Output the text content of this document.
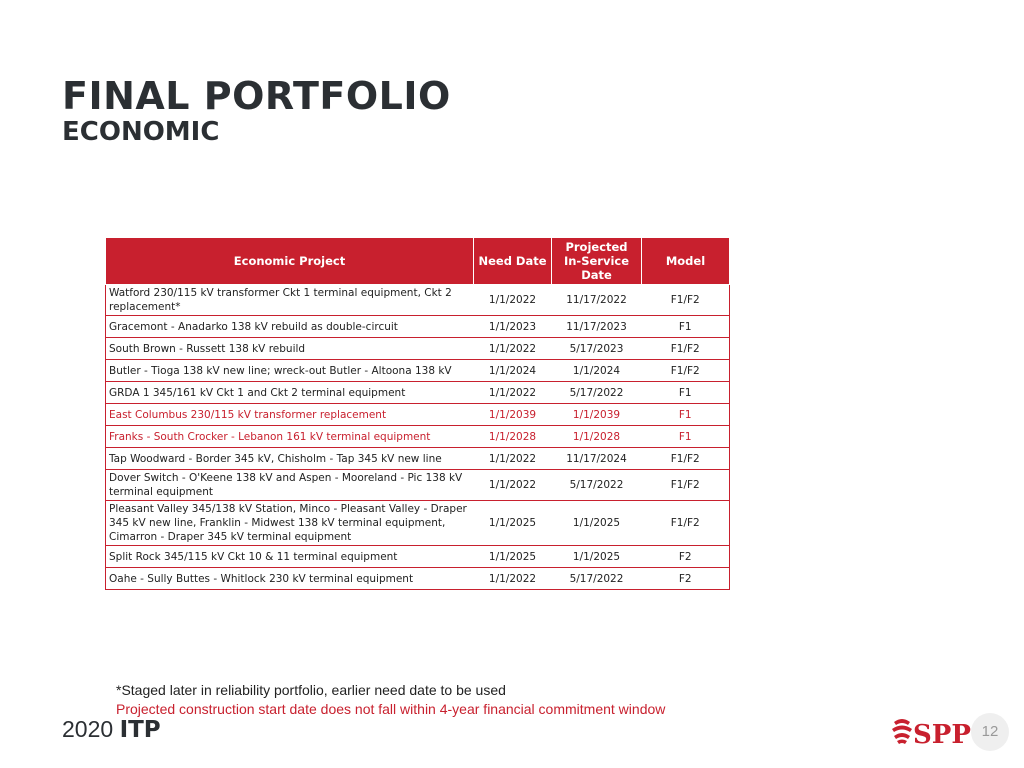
FINAL PORTFOLIO
ECONOMIC
Economic Project	Need Date	Projected In-Service Date	Model
Watford 230/115 kV transformer Ckt 1 terminal equipment, Ckt 2 replacement*	1/1/2022	11/17/2022	F1/F2
Gracemont - Anadarko 138 kV rebuild as double-circuit	1/1/2023	11/17/2023	F1
South Brown - Russett 138 kV rebuild	1/1/2022	5/17/2023	F1/F2
Butler - Tioga 138 kV new line; wreck-out Butler - Altoona 138 kV	1/1/2024	1/1/2024	F1/F2
GRDA 1 345/161 kV Ckt 1 and Ckt 2 terminal equipment	1/1/2022	5/17/2022	F1
East Columbus 230/115 kV transformer replacement	1/1/2039	1/1/2039	F1
Franks - South Crocker - Lebanon 161 kV terminal equipment	1/1/2028	1/1/2028	F1
Tap Woodward - Border 345 kV, Chisholm - Tap 345 kV new line	1/1/2022	11/17/2024	F1/F2
Dover Switch - O'Keene 138 kV and Aspen - Mooreland - Pic 138 kV terminal equipment	1/1/2022	5/17/2022	F1/F2
Pleasant Valley 345/138 kV Station, Minco - Pleasant Valley - Draper 345 kV new line, Franklin - Midwest 138 kV terminal equipment, Cimarron - Draper 345 kV terminal equipment	1/1/2025	1/1/2025	F1/F2
Split Rock 345/115 kV Ckt 10 & 11 terminal equipment	1/1/2025	1/1/2025	F2
Oahe - Sully Buttes - Whitlock 230 kV terminal equipment	1/1/2022	5/17/2022	F2
*Staged later in reliability portfolio, earlier need date to be used
Projected construction start date does not fall within 4-year financial commitment window
2020 ITP	SPP 12
